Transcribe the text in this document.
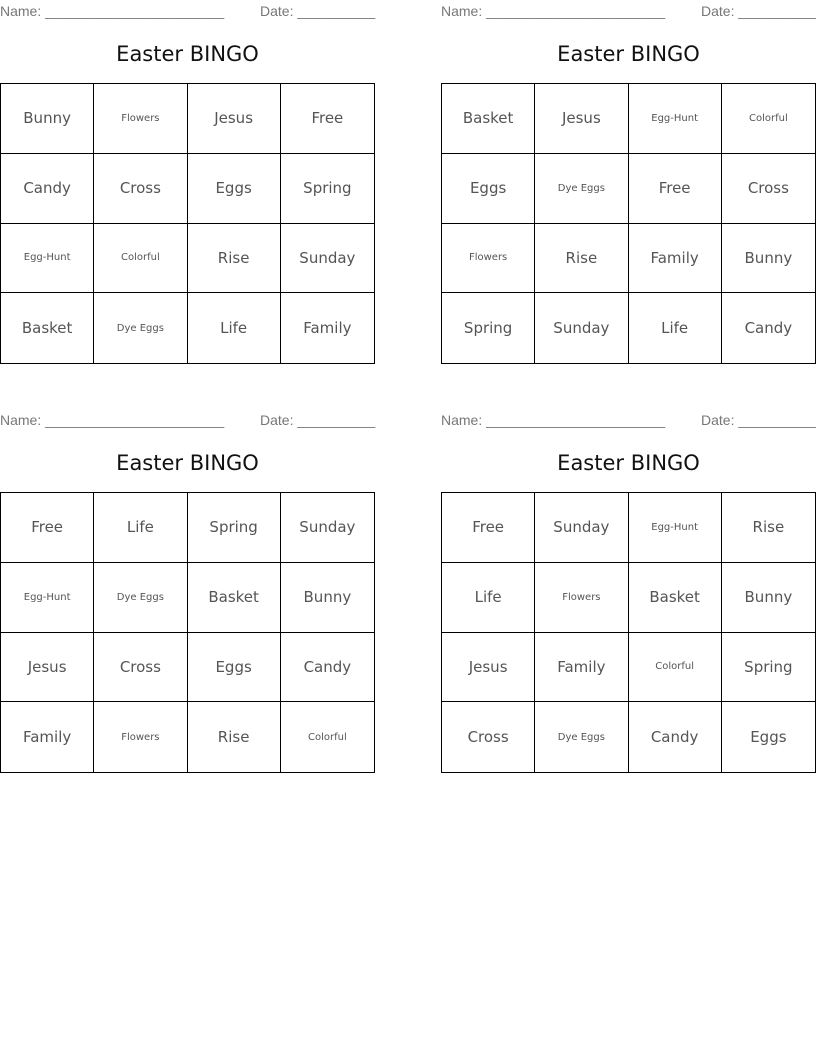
Name: _______________________	Date: __________
Easter BINGO
Bunny	Flowers	Jesus	Free
Candy	Cross	Eggs	Spring
Egg-Hunt	Colorful	Rise	Sunday
Basket	Dye Eggs	Life	Family
Name: _______________________	Date: __________
Easter BINGO
Basket	Jesus	Egg-Hunt	Colorful
Eggs	Dye Eggs	Free	Cross
Flowers	Rise	Family	Bunny
Spring	Sunday	Life	Candy
Name: _______________________	Date: __________
Easter BINGO
Free	Life	Spring	Sunday
Egg-Hunt	Dye Eggs	Basket	Bunny
Jesus	Cross	Eggs	Candy
Family	Flowers	Rise	Colorful
Name: _______________________	Date: __________
Easter BINGO
Free	Sunday	Egg-Hunt	Rise
Life	Flowers	Basket	Bunny
Jesus	Family	Colorful	Spring
Cross	Dye Eggs	Candy	Eggs
